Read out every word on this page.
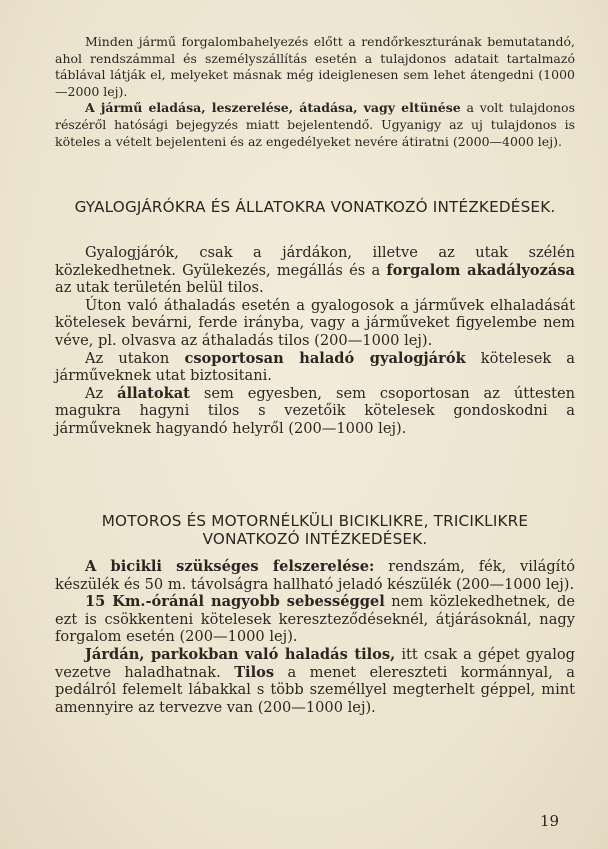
Minden jármű forgalombahelyezés előtt a rendőrkeszturának bemutatandó, ahol rendszámmal és személyszállítás esetén a tulajdonos adatait tartalmazó táblával látják el, melyeket másnak még ideiglenesen sem lehet átengedni (1000—2000 lej).

A jármű eladása, leszerelése, átadása, vagy eltünése a volt tulajdonos részéről hatósági bejegyzés miatt bejelentendő. Ugyanigy az uj tulajdonos is köteles a vételt bejelenteni és az engedélyeket nevére átiratni (2000—4000 lej).

GYALOGJÁRÓKRA ÉS ÁLLATOKRA VONATKOZÓ INTÉZKEDÉSEK.

Gyalogjárók, csak a járdákon, illetve az utak szélén közlekedhetnek. Gyülekezés, megállás és a forgalom akadályozása az utak területén belül tilos.

Úton való áthaladás esetén a gyalogosok a járművek elhaladását kötelesek bevárni, ferde irányba, vagy a járműveket figyelembe nem véve, pl. olvasva az áthaladás tilos (200—1000 lej).

Az utakon csoportosan haladó gyalogjárók kötelesek a járműveknek utat biztositani.

Az állatokat sem egyesben, sem csoportosan az úttesten magukra hagyni tilos s vezetőik kötelesek gondoskodni a járműveknek hagyandó helyről (200—1000 lej).

MOTOROS ÉS MOTORNÉLKÜLI BICIKLIKRE, TRICIKLIKRE VONATKOZÓ INTÉZKEDÉSEK.

A bicikli szükséges felszerelése: rendszám, fék, világító készülék és 50 m. távolságra hallható jeladó készülék (200—1000 lej).

15 Km.-óránál nagyobb sebességgel nem közlekedhetnek, de ezt is csökkenteni kötelesek kereszteződéseknél, átjárásoknál, nagy forgalom esetén (200—1000 lej).

Járdán, parkokban való haladás tilos, itt csak a gépet gyalog vezetve haladhatnak. Tilos a menet elereszteti kormánnyal, a pedálról felemelt lábakkal s több személlyel megterhelt géppel, mint amennyire az tervezve van (200—1000 lej).

19
